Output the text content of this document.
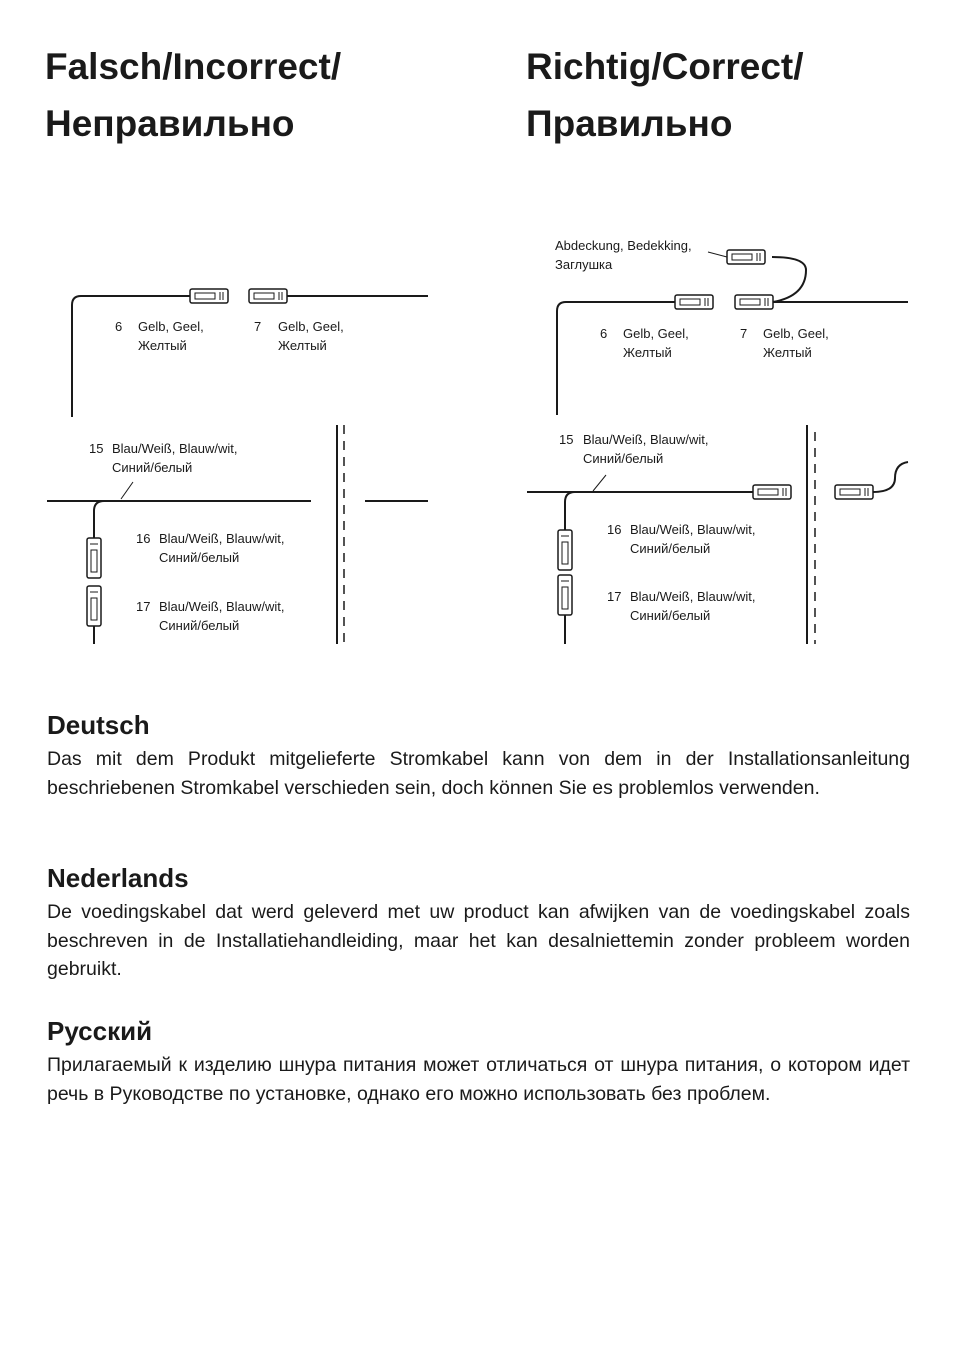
Falsch/Incorrect/
Неправильно
Richtig/Correct/
Правильно
6 Gelb, Geel,
Желтый
7 Gelb, Geel,
Желтый
15 Blau/Weiß, Blauw/wit,
Синий/белый
16 Blau/Weiß, Blauw/wit,
Синий/белый
17 Blau/Weiß, Blauw/wit,
Синий/белый
Abdeckung, Bedekking,
Заглушка
6 Gelb, Geel,
Желтый
7 Gelb, Geel,
Желтый
15 Blau/Weiß, Blauw/wit,
Синий/белый
16 Blau/Weiß, Blauw/wit,
Синий/белый
17 Blau/Weiß, Blauw/wit,
Синий/белый
Deutsch

Das mit dem Produkt mitgelieferte Stromkabel kann von dem in der Installationsanleitung beschriebenen Stromkabel verschieden sein, doch können Sie es problemlos verwenden.

Nederlands

De voedingskabel dat werd geleverd met uw product kan afwijken van de voedingskabel zoals beschreven in de Installatiehandleiding, maar het kan desalniettemin zonder probleem worden gebruikt.

Русский

Прилагаемый к изделию шнура питания может отличаться от шнура питания, о котором идет речь в Руководстве по установке, однако его можно использовать без проблем.
